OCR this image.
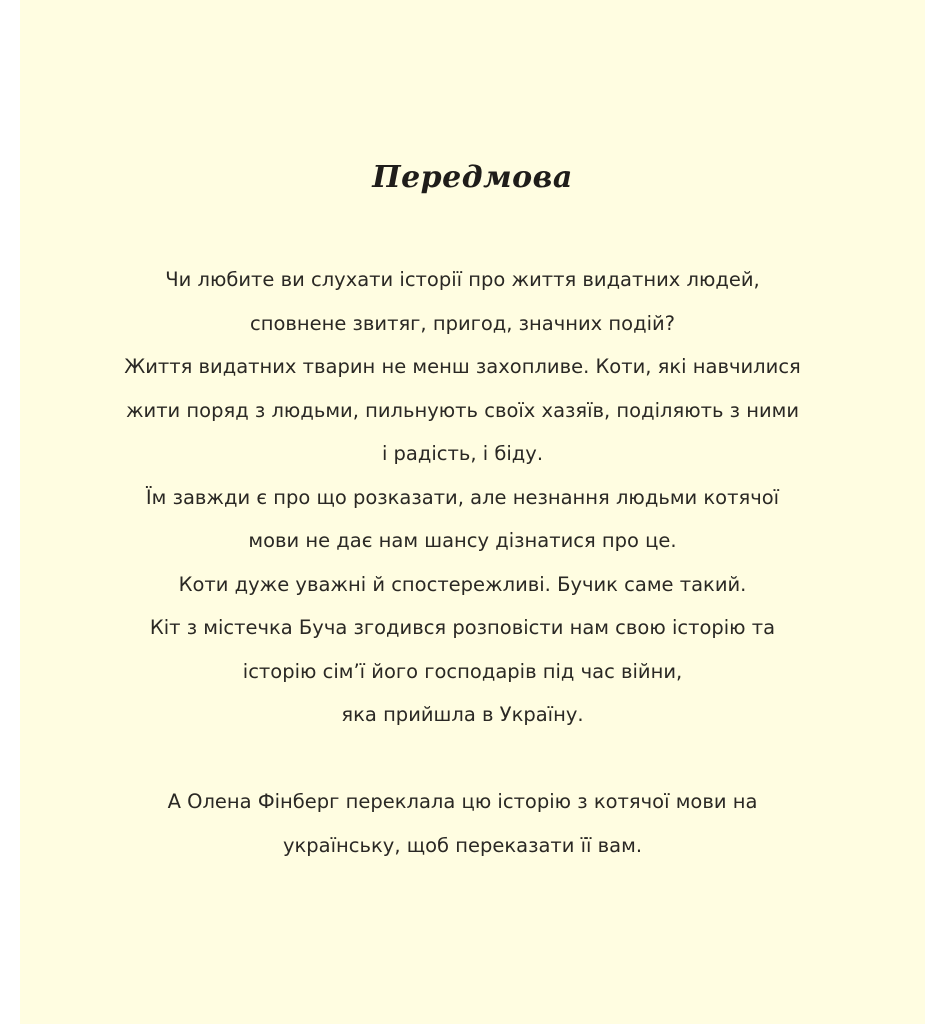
Передмова
Чи любите ви слухати історії про життя видатних людей,
сповнене звитяг, пригод, значних подій?
Життя видатних тварин не менш захопливе. Коти, які навчилися
жити поряд з людьми, пильнують своїх хазяїв, поділяють з ними
і радість, і біду.
Їм завжди є про що розказати, але незнання людьми котячої
мови не дає нам шансу дізнатися про це.
Коти дуже уважні й спостережливі. Бучик саме такий.
Кіт з містечка Буча згодився розповісти нам свою історію та
історію сім’ї його господарів під час війни,
яка прийшла в Україну.
А Олена Фінберг переклала цю історію з котячої мови на
українську, щоб переказати її вам.
